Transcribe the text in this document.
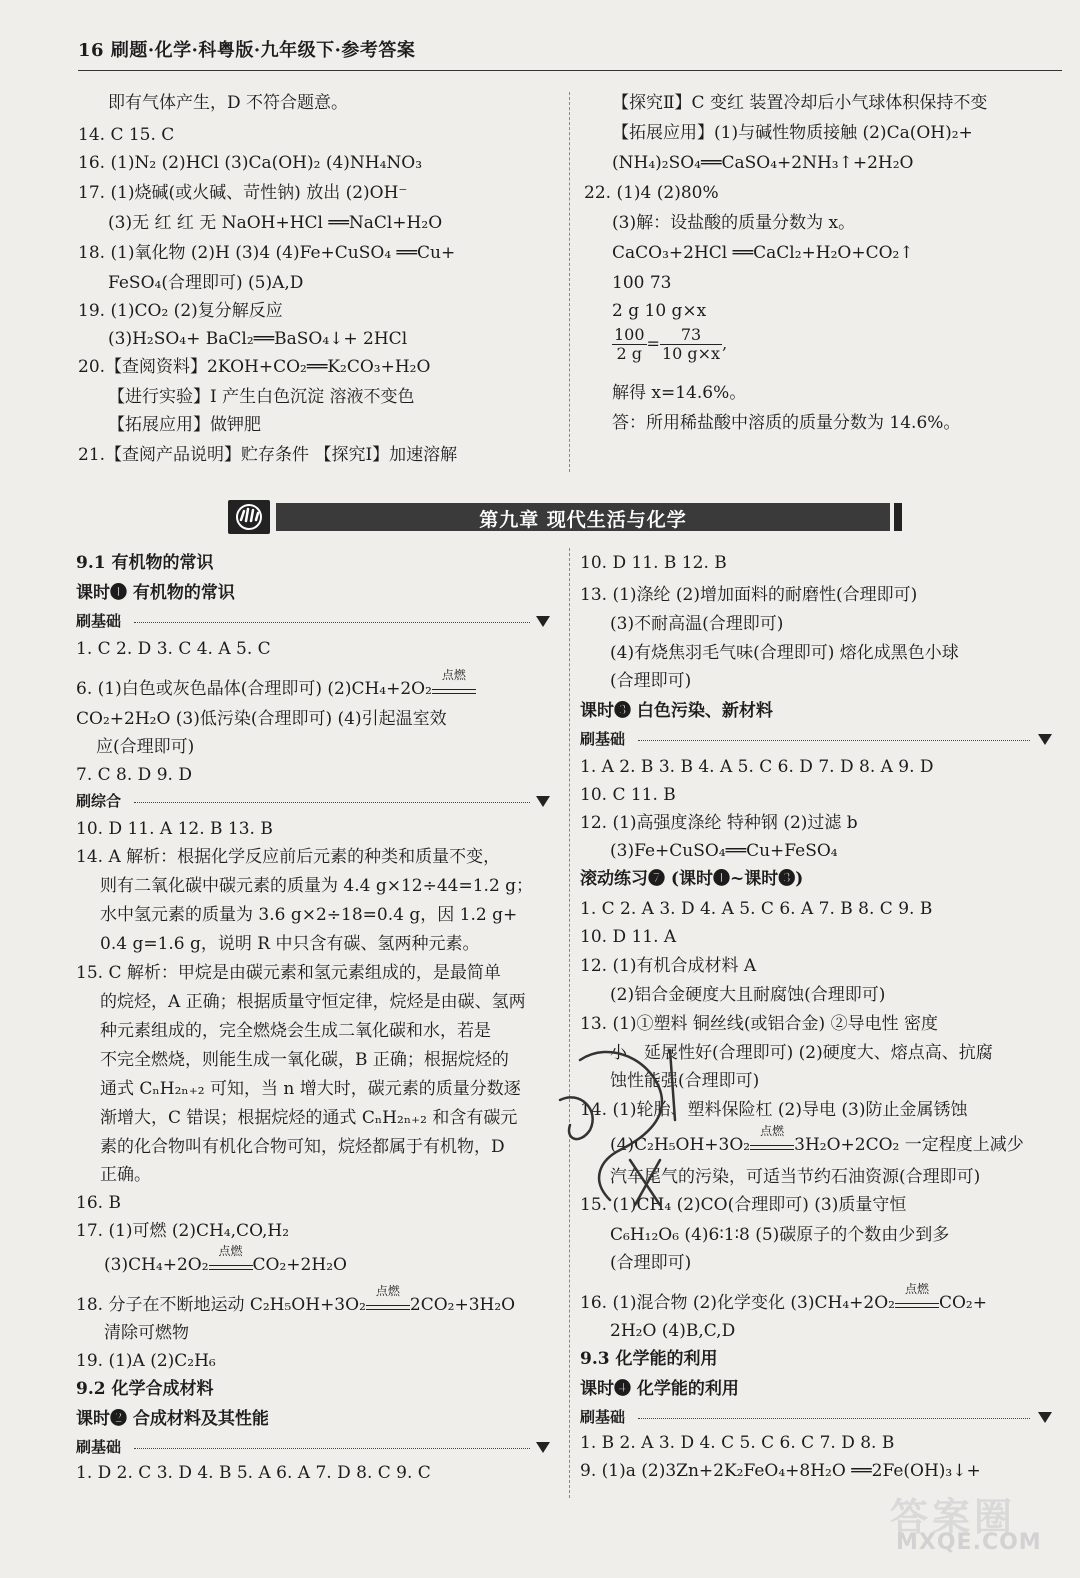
16 刷题·化学·科粤版·九年级下·参考答案
即有气体产生，D 不符合题意。
14. C 15. C
16. (1)N₂ (2)HCl (3)Ca(OH)₂ (4)NH₄NO₃
17. (1)烧碱(或火碱、苛性钠) 放出 (2)OH⁻
(3)无 红 红 无 NaOH+HCl ══NaCl+H₂O
18. (1)氧化物 (2)H (3)4 (4)Fe+CuSO₄ ══Cu+
FeSO₄(合理即可) (5)A,D
19. (1)CO₂ (2)复分解反应
(3)H₂SO₄+ BaCl₂══BaSO₄↓+ 2HCl
20.【查阅资料】2KOH+CO₂══K₂CO₃+H₂O
【进行实验】Ⅰ 产生白色沉淀 溶液不变色
【拓展应用】做钾肥
21.【查阅产品说明】贮存条件 【探究Ⅰ】加速溶解
【探究Ⅱ】C 变红 装置冷却后小气球体积保持不变
【拓展应用】(1)与碱性物质接触 (2)Ca(OH)₂+
(NH₄)₂SO₄══CaSO₄+2NH₃↑+2H₂O
22. (1)4 (2)80%
(3)解：设盐酸的质量分数为 x。
CaCO₃+2HCl ══CaCl₂+H₂O+CO₂↑
100 73
2 g 10 g×x
$\frac{100}{2 g} = \frac{73}{10 g\times x}$ ,
解得 x=14.6%。
答：所用稀盐酸中溶质的质量分数为 14.6%。
第九章 现代生活与化学
9.1 有机物的常识
课时❶ 有机物的常识
刷基础
1. C 2. D 3. C 4. A 5. C
6. (1)白色或灰色晶体(合理即可) (2)CH₄+2O₂
点燃
CO₂+2H₂O (3)低污染(合理即可) (4)引起温室效
应(合理即可)
7. C 8. D 9. D
刷综合
10. D 11. A 12. B 13. B
14. A 解析：根据化学反应前后元素的种类和质量不变，
则有二氧化碳中碳元素的质量为 4.4 g×12÷44=1.2 g；
水中氢元素的质量为 3.6 g×2÷18=0.4 g，因 1.2 g+
0.4 g=1.6 g，说明 R 中只含有碳、氢两种元素。
15. C 解析：甲烷是由碳元素和氢元素组成的，是最简单
的烷烃，A 正确；根据质量守恒定律，烷烃是由碳、氢两
种元素组成的，完全燃烧会生成二氧化碳和水，若是
不完全燃烧，则能生成一氧化碳，B 正确；根据烷烃的
通式 CₙH₂ₙ₊₂ 可知，当 n 增大时，碳元素的质量分数逐
渐增大，C 错误；根据烷烃的通式 CₙH₂ₙ₊₂ 和含有碳元
素的化合物叫有机化合物可知，烷烃都属于有机物，D
正确。
16. B
17. (1)可燃 (2)CH₄,CO,H₂
(3)CH₄+2O₂
点燃
CO₂+2H₂O
18. 分子在不断地运动 C₂H₅OH+3O₂
点燃
2CO₂+3H₂O
清除可燃物
19. (1)A (2)C₂H₆
9.2 化学合成材料
课时❷ 合成材料及其性能
刷基础
1. D 2. C 3. D 4. B 5. A 6. A 7. D 8. C 9. C
10. D 11. B 12. B
13. (1)涤纶 (2)增加面料的耐磨性(合理即可)
(3)不耐高温(合理即可)
(4)有烧焦羽毛气味(合理即可) 熔化成黑色小球
(合理即可)
课时❸ 白色污染、新材料
刷基础
1. A 2. B 3. B 4. A 5. C 6. D 7. D 8. A 9. D
10. C 11. B
12. (1)高强度涤纶 特种钢 (2)过滤 b
(3)Fe+CuSO₄══Cu+FeSO₄
滚动练习❼ (课时❶~课时❸)
1. C 2. A 3. D 4. A 5. C 6. A 7. B 8. C 9. B
10. D 11. A
12. (1)有机合成材料 A
(2)铝合金硬度大且耐腐蚀(合理即可)
13. (1)①塑料 铜丝线(或铝合金) ②导电性 密度
小、延展性好(合理即可) (2)硬度大、熔点高、抗腐
蚀性能强(合理即可)
14. (1)轮胎、塑料保险杠 (2)导电 (3)防止金属锈蚀
(4)C₂H₅OH+3O₂
点燃
3H₂O+2CO₂ 一定程度上减少
汽车尾气的污染，可适当节约石油资源(合理即可)
15. (1)CH₄ (2)CO(合理即可) (3)质量守恒
C₆H₁₂O₆ (4)6∶1∶8 (5)碳原子的个数由少到多
(合理即可)
16. (1)混合物 (2)化学变化 (3)CH₄+2O₂
点燃
CO₂+
2H₂O (4)B,C,D
9.3 化学能的利用
课时❹ 化学能的利用
刷基础
1. B 2. A 3. D 4. C 5. C 6. C 7. D 8. B
9. (1)a (2)3Zn+2K₂FeO₄+8H₂O ══2Fe(OH)₃↓+
答案圈
MXQE.COM
